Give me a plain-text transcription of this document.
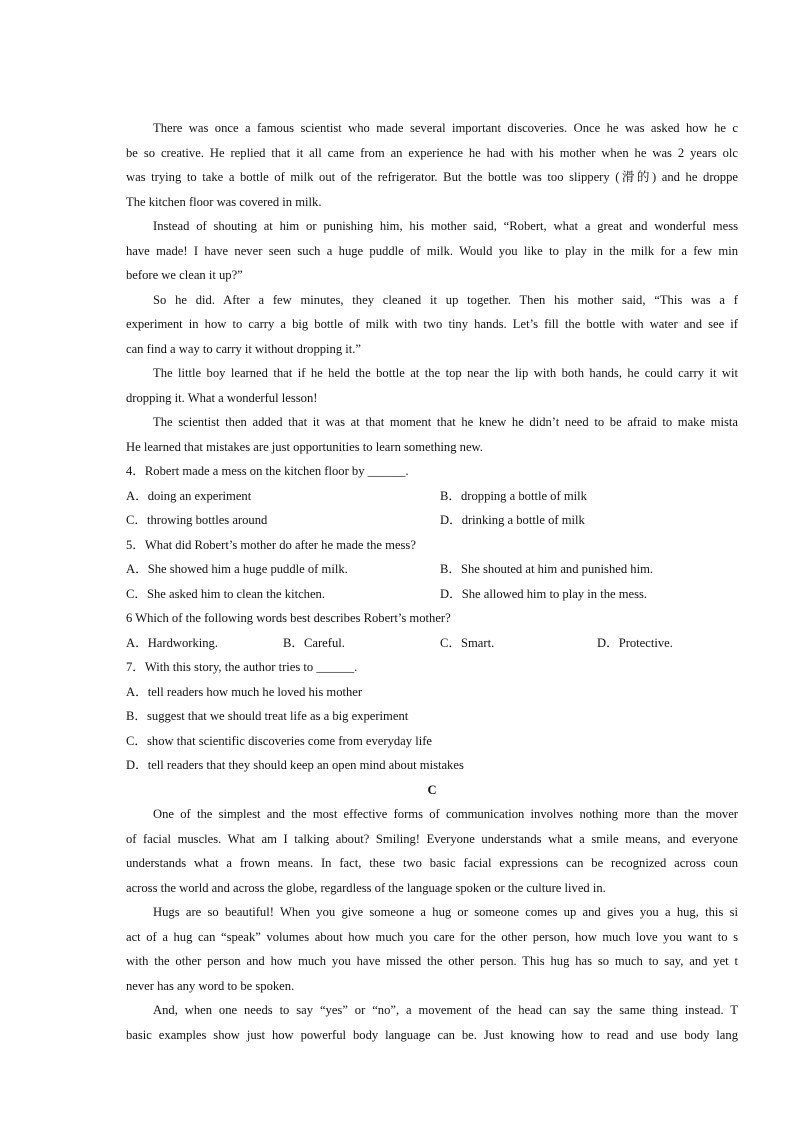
There was once a famous scientist who made several important discoveries. Once he was asked how he c
be so creative. He replied that it all came from an experience he had with his mother when he was 2 years olc
was trying to take a bottle of milk out of the refrigerator. But the bottle was too slippery (滑的) and he droppe
The kitchen floor was covered in milk.
Instead of shouting at him or punishing him, his mother said, “Robert, what a great and wonderful mess
have made! I have never seen such a huge puddle of milk. Would you like to play in the milk for a few min
before we clean it up?”
So he did. After a few minutes, they cleaned it up together. Then his mother said, “This was a f
experiment in how to carry a big bottle of milk with two tiny hands. Let’s fill the bottle with water and see if
can find a way to carry it without dropping it.”
The little boy learned that if he held the bottle at the top near the lip with both hands, he could carry it wit
dropping it. What a wonderful lesson!
The scientist then added that it was at that moment that he knew he didn’t need to be afraid to make mista
He learned that mistakes are just opportunities to learn something new.
4．Robert made a mess on the kitchen floor by ______.
A．doing an experiment	B．dropping a bottle of milk
C．throwing bottles around	D．drinking a bottle of milk
5．What did Robert’s mother do after he made the mess?
A．She showed him a huge puddle of milk.	B．She shouted at him and punished him.
C．She asked him to clean the kitchen.	D．She allowed him to play in the mess.
6 Which of the following words best describes Robert’s mother?
A．Hardworking.	B．Careful.	C．Smart.	D．Protective.
7．With this story, the author tries to ______.
A．tell readers how much he loved his mother
B．suggest that we should treat life as a big experiment
C．show that scientific discoveries come from everyday life
D．tell readers that they should keep an open mind about mistakes
C
One of the simplest and the most effective forms of communication involves nothing more than the mover
of facial muscles. What am I talking about? Smiling! Everyone understands what a smile means, and everyone
understands what a frown means. In fact, these two basic facial expressions can be recognized across coun
across the world and across the globe, regardless of the language spoken or the culture lived in.
Hugs are so beautiful! When you give someone a hug or someone comes up and gives you a hug, this si
act of a hug can “speak” volumes about how much you care for the other person, how much love you want to s
with the other person and how much you have missed the other person. This hug has so much to say, and yet t
never has any word to be spoken.
And, when one needs to say “yes” or “no”, a movement of the head can say the same thing instead. T
basic examples show just how powerful body language can be. Just knowing how to read and use body lang
